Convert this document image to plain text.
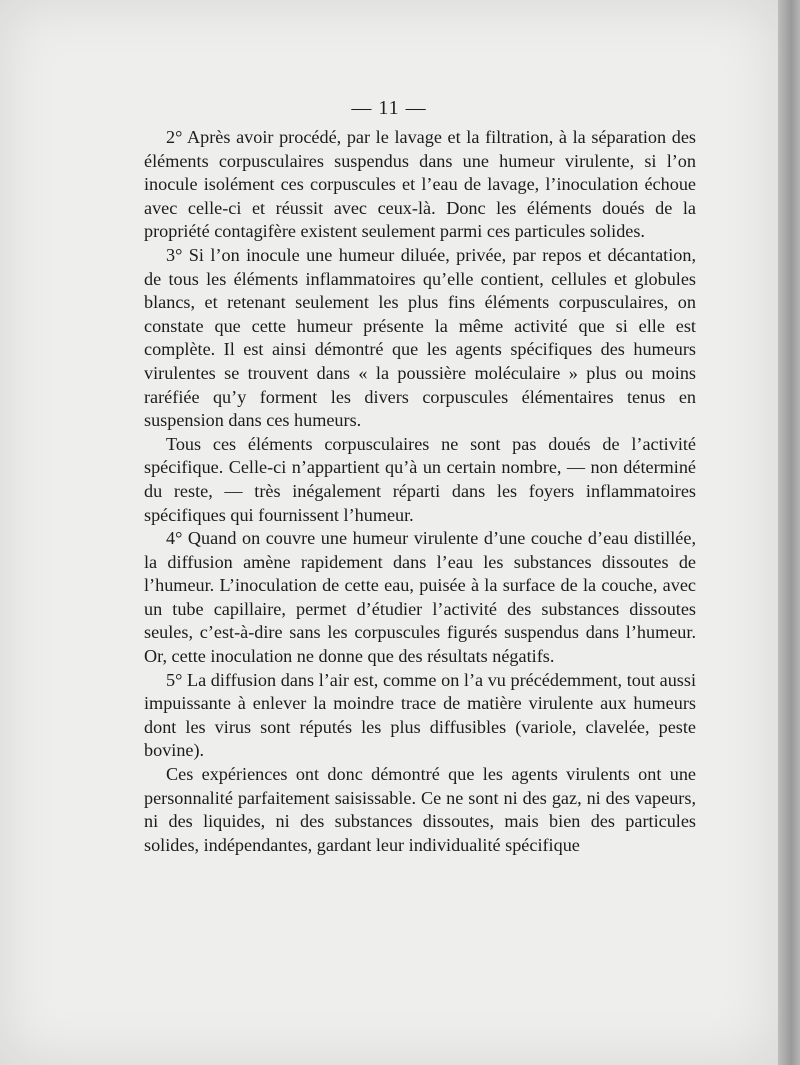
— 11 —

2° Après avoir procédé, par le lavage et la filtration, à la séparation des éléments corpusculaires suspendus dans une humeur virulente, si l’on inocule isolément ces corpuscules et l’eau de lavage, l’inoculation échoue avec celle-ci et réussit avec ceux-là. Donc les éléments doués de la propriété contagifère existent seulement parmi ces particules solides.

3° Si l’on inocule une humeur diluée, privée, par repos et décantation, de tous les éléments inflammatoires qu’elle contient, cellules et globules blancs, et retenant seulement les plus fins éléments corpusculaires, on constate que cette humeur présente la même activité que si elle est complète. Il est ainsi démontré que les agents spécifiques des humeurs virulentes se trouvent dans « la poussière moléculaire » plus ou moins raréfiée qu’y forment les divers corpuscules élémentaires tenus en suspension dans ces humeurs.

Tous ces éléments corpusculaires ne sont pas doués de l’activité spécifique. Celle-ci n’appartient qu’à un certain nombre, — non déterminé du reste, — très inégalement réparti dans les foyers inflammatoires spécifiques qui fournissent l’humeur.

4° Quand on couvre une humeur virulente d’une couche d’eau distillée, la diffusion amène rapidement dans l’eau les substances dissoutes de l’humeur. L’inoculation de cette eau, puisée à la surface de la couche, avec un tube capillaire, permet d’étudier l’activité des substances dissoutes seules, c’est-à-dire sans les corpuscules figurés suspendus dans l’humeur. Or, cette inoculation ne donne que des résultats négatifs.

5° La diffusion dans l’air est, comme on l’a vu précédemment, tout aussi impuissante à enlever la moindre trace de matière virulente aux humeurs dont les virus sont réputés les plus diffusibles (variole, clavelée, peste bovine).

Ces expériences ont donc démontré que les agents virulents ont une personnalité parfaitement saisissable. Ce ne sont ni des gaz, ni des vapeurs, ni des liquides, ni des substances dissoutes, mais bien des particules solides, indépendantes, gardant leur individualité spécifique
